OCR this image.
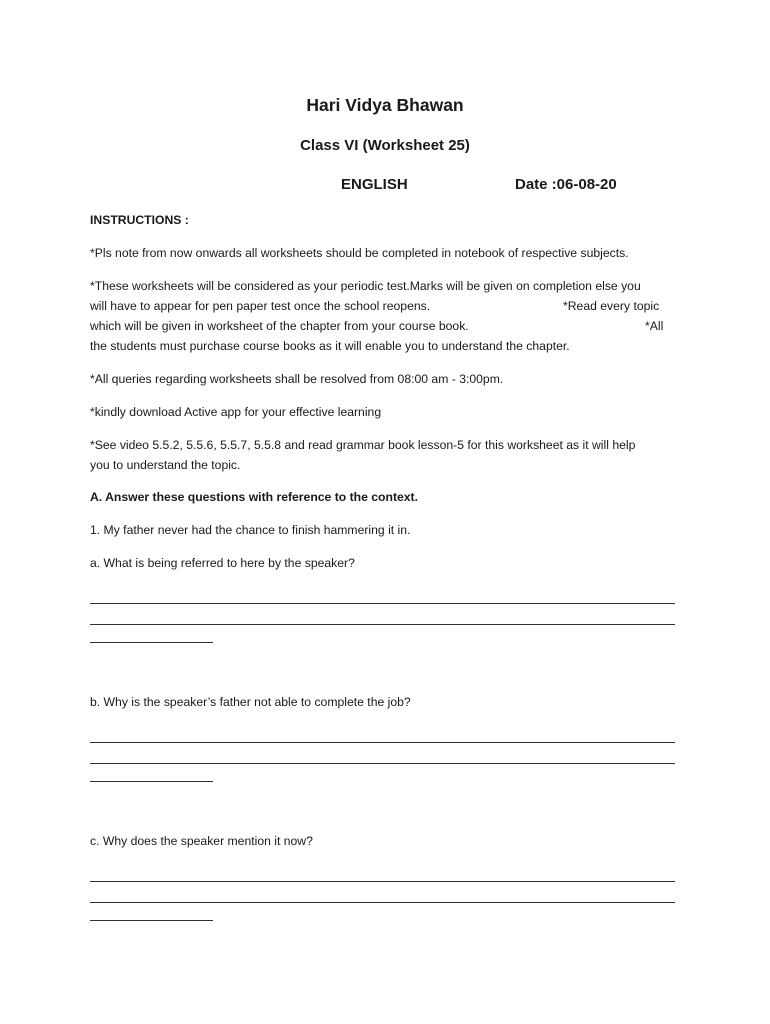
Hari Vidya Bhawan
Class VI (Worksheet 25)
ENGLISH	Date :06-08-20
INSTRUCTIONS :
*Pls note from now onwards all worksheets should be completed in notebook of respective subjects.
*These worksheets will be considered as your periodic test.Marks will be given on completion else you
will have to appear for pen paper test once the school reopens.	*Read every topic
which will be given in worksheet of the chapter from your course book.	*All
the students must purchase course books as it will enable you to understand the chapter.
*All queries regarding worksheets shall be resolved from 08:00 am - 3:00pm.
*kindly download Active app for your effective learning
*See video 5.5.2, 5.5.6, 5.5.7, 5.5.8 and read grammar book lesson-5 for this worksheet as it will help
you to understand the topic.
A. Answer these questions with reference to the context.
1. My father never had the chance to finish hammering it in.
a. What is being referred to here by the speaker?
b. Why is the speaker’s father not able to complete the job?
c. Why does the speaker mention it now?
